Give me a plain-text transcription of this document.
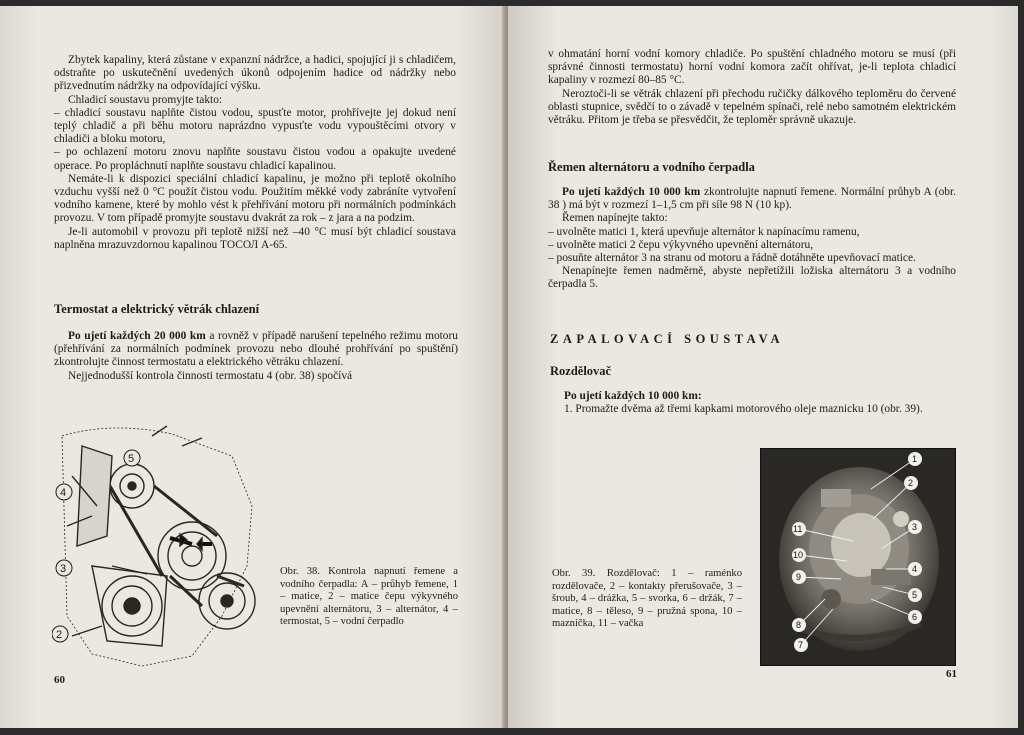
Zbytek kapaliny, která zůstane v expanzní nádržce, a hadici, spojující ji s chladičem, odstraňte po uskutečnění uvedených úkonů odpojením hadice od nádržky nebo přizvednutím nádržky na odpovídající výšku.

Chladicí soustavu promyjte takto:

– chladicí soustavu naplňte čistou vodou, spusťte motor, prohřívejte jej dokud není teplý chladič a při běhu motoru naprázdno vypusťte vodu vypouštěcími otvory v chladiči a bloku motoru,

– po ochlazení motoru znovu naplňte soustavu čistou vodou a opakujte uvedené operace. Po propláchnutí naplňte soustavu chladicí kapalinou.

Nemáte-li k dispozici speciální chladicí kapalinu, je možno při teplotě okolního vzduchu vyšší než 0 °C použít čistou vodu. Použitím měkké vody zabráníte vytvoření vodního kamene, které by mohlo vést k přehřívání motoru při normálních podmínkách provozu. V tom případě promyjte soustavu dvakrát za rok – z jara a na podzim.

Je-li automobil v provozu při teplotě nižší než –40 °C musí být chladicí soustava naplněna mrazuvzdornou kapalinou ТОСОЛ А-65.

Termostat a elektrický větrák chlazení

Po ujetí každých 20 000 km a rovněž v případě narušení tepelného režimu motoru (přehřívání za normálních podmínek provozu nebo dlouhé prohřívání po spuštění) zkontrolujte činnost termostatu a elektrického větráku chlazení.

Nejjednodušší kontrola činnosti termostatu 4 (obr. 38) spočívá

5
4
3
2
Obr. 38. Kontrola napnutí řemene a vodního čerpadla: A – průhyb řemene, 1 – matice, 2 – matice čepu výkyvného upevnění alternátoru, 3 – alternátor, 4 – termostat, 5 – vodní čerpadlo
60

v ohmatání horní vodní komory chladiče. Po spuštění chladného motoru se musí (při správné činnosti termostatu) horní vodní komora začít ohřívat, je-li teplota chladicí kapaliny v rozmezí 80–85 °C.

Neroztoči-li se větrák chlazení při přechodu ručičky dálkového teploměru do červené oblasti stupnice, svědčí to o závadě v tepelném spínači, relé nebo samotném elektrickém větráku. Přitom je třeba se přesvědčit, že teploměr správně ukazuje.

Řemen alternátoru a vodního čerpadla

Po ujetí každých 10 000 km zkontrolujte napnutí řemene. Normální průhyb A (obr. 38 ) má být v rozmezí 1–1,5 cm při síle 98 N (10 kp).

Řemen napínejte takto:

– uvolněte matici 1, která upevňuje alternátor k napínacímu ramenu,

– uvolněte matici 2 čepu výkyvného upevnění alternátoru,

– posuňte alternátor 3 na stranu od motoru a řádně dotáhněte upevňovací matice.

Nenapínejte řemen nadměrně, abyste nepřetížili ložiska alternátoru 3 a vodního čerpadla 5.

ZAPALOVACÍ SOUSTAVA
Rozdělovač

Po ujetí každých 10 000 km:

1. Promažte dvěma až třemi kapkami motorového oleje maznicku 10 (obr. 39).

Obr. 39. Rozdělovač: 1 – raménko rozdělovače, 2 – kontakty přerušovače, 3 – šroub, 4 – drážka, 5 – svorka, 6 – držák, 7 – matice, 8 – těleso, 9 – pružná spona, 10 – maznička, 11 – vačka
61
1
2
3
4
5
6
7
8
9
10
11
